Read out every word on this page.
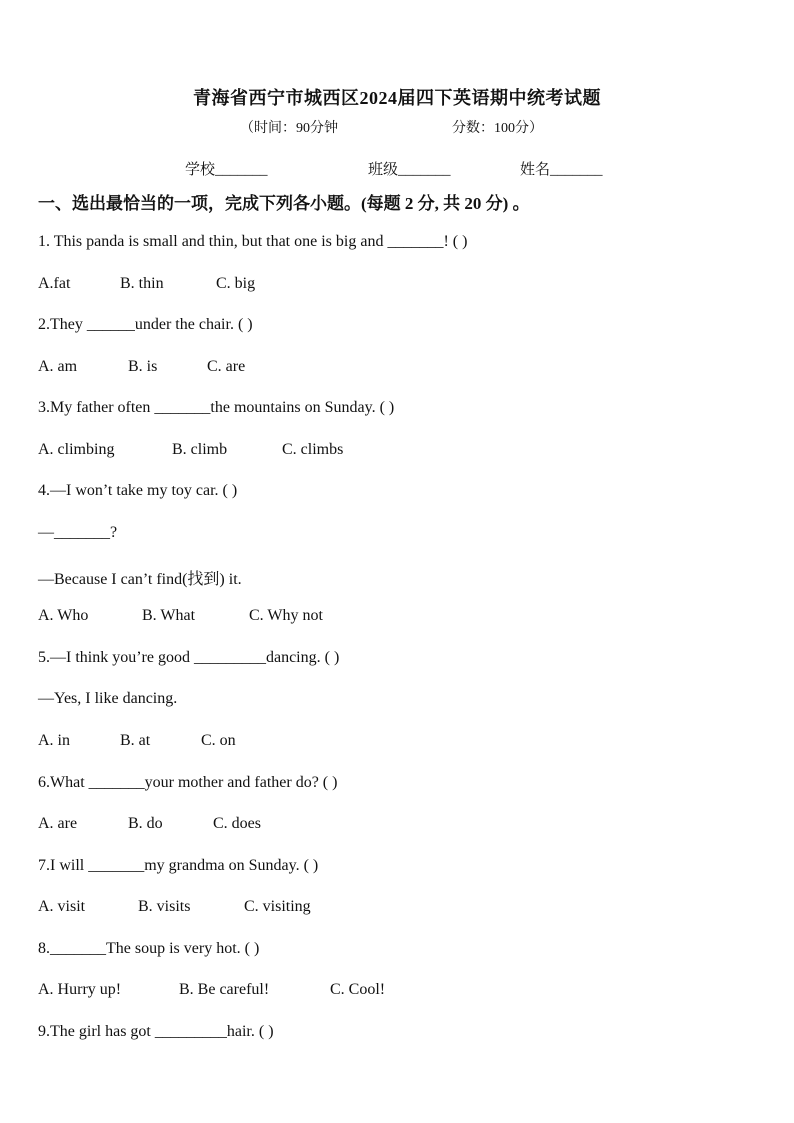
青海省西宁市城西区2024届四下英语期中统考试题
（时间：90分钟	分数：100分）
学校_______	班级_______	姓名_______
一、选出最恰当的一项，完成下列各小题。(每题 2 分, 共 20 分) 。
1. This panda is small and thin, but that one is big and _______! ( )
A.fat	B. thin	C. big
2.They ______under the chair. ( )
A. am	B. is	C. are
3.My father often _______the mountains on Sunday. ( )
A. climbing	B. climb	C. climbs
4.—I won’t take my toy car. ( )
—_______?
—Because I can’t find(找到) it.
A. Who	B. What	C. Why not
5.—I think you’re good _________dancing. ( )
—Yes, I like dancing.
A. in	B. at	C. on
6.What _______your mother and father do? ( )
A. are	B. do	C. does
7.I will _______my grandma on Sunday. ( )
A. visit	B. visits	C. visiting
8._______The soup is very hot. ( )
A. Hurry up!	B. Be careful!	C. Cool!
9.The girl has got _________hair. ( )
